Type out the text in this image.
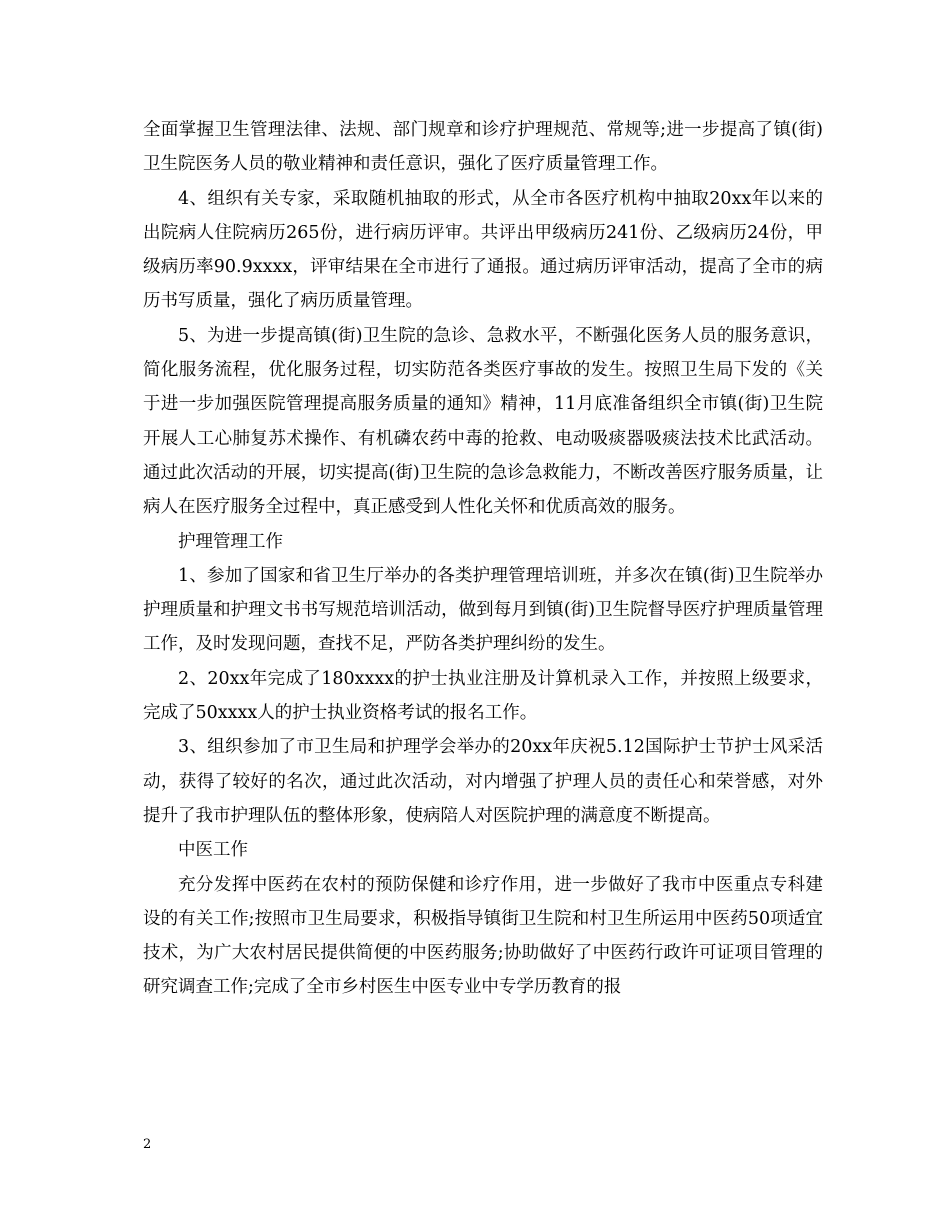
全面掌握卫生管理法律、法规、部门规章和诊疗护理规范、常规等;进一步提高了镇(街)卫生院医务人员的敬业精神和责任意识，强化了医疗质量管理工作。

4、组织有关专家，采取随机抽取的形式，从全市各医疗机构中抽取20xx年以来的出院病人住院病历265份，进行病历评审。共评出甲级病历241份、乙级病历24份，甲级病历率90.9xxxx，评审结果在全市进行了通报。通过病历评审活动，提高了全市的病历书写质量，强化了病历质量管理。

5、为进一步提高镇(街)卫生院的急诊、急救水平，不断强化医务人员的服务意识，简化服务流程，优化服务过程，切实防范各类医疗事故的发生。按照卫生局下发的《关于进一步加强医院管理提高服务质量的通知》精神，11月底准备组织全市镇(街)卫生院开展人工心肺复苏术操作、有机磷农药中毒的抢救、电动吸痰器吸痰法技术比武活动。通过此次活动的开展，切实提高(街)卫生院的急诊急救能力，不断改善医疗服务质量，让病人在医疗服务全过程中，真正感受到人性化关怀和优质高效的服务。

护理管理工作

1、参加了国家和省卫生厅举办的各类护理管理培训班，并多次在镇(街)卫生院举办护理质量和护理文书书写规范培训活动，做到每月到镇(街)卫生院督导医疗护理质量管理工作，及时发现问题，查找不足，严防各类护理纠纷的发生。

2、20xx年完成了180xxxx的护士执业注册及计算机录入工作，并按照上级要求，完成了50xxxx人的护士执业资格考试的报名工作。

3、组织参加了市卫生局和护理学会举办的20xx年庆祝5.12国际护士节护士风采活动，获得了较好的名次，通过此次活动，对内增强了护理人员的责任心和荣誉感，对外提升了我市护理队伍的整体形象，使病陪人对医院护理的满意度不断提高。

中医工作

充分发挥中医药在农村的预防保健和诊疗作用，进一步做好了我市中医重点专科建设的有关工作;按照市卫生局要求，积极指导镇街卫生院和村卫生所运用中医药50项适宜技术，为广大农村居民提供简便的中医药服务;协助做好了中医药行政许可证项目管理的研究调查工作;完成了全市乡村医生中医专业中专学历教育的报

2
